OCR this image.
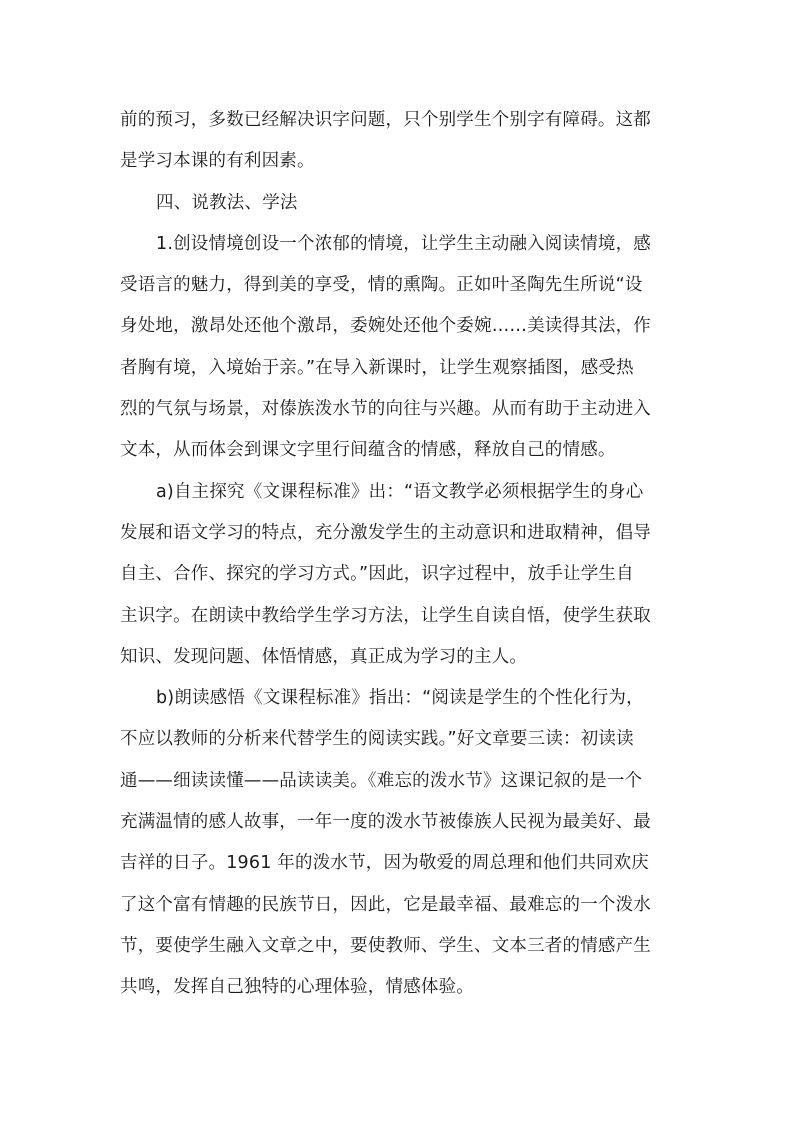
前的预习，多数已经解决识字问题，只个别学生个别字有障碍。这都
是学习本课的有利因素。
四、说教法、学法
1.创设情境创设一个浓郁的情境，让学生主动融入阅读情境，感
受语言的魅力，得到美的享受，情的熏陶。正如叶圣陶先生所说“设
身处地，激昂处还他个激昂，委婉处还他个委婉……美读得其法，作
者胸有境，入境始于亲。”在导入新课时，让学生观察插图，感受热
烈的气氛与场景，对傣族泼水节的向往与兴趣。从而有助于主动进入
文本，从而体会到课文字里行间蕴含的情感，释放自己的情感。
a)自主探究《文课程标准》出：“语文教学必须根据学生的身心
发展和语文学习的特点，充分激发学生的主动意识和进取精神，倡导
自主、合作、探究的学习方式。”因此，识字过程中，放手让学生自
主识字。在朗读中教给学生学习方法，让学生自读自悟，使学生获取
知识、发现问题、体悟情感，真正成为学习的主人。
b)朗读感悟《文课程标准》指出：“阅读是学生的个性化行为，
不应以教师的分析来代替学生的阅读实践。”好文章要三读：初读读
通——细读读懂——品读读美。《难忘的泼水节》这课记叙的是一个
充满温情的感人故事，一年一度的泼水节被傣族人民视为最美好、最
吉祥的日子。1961 年的泼水节，因为敬爱的周总理和他们共同欢庆
了这个富有情趣的民族节日，因此，它是最幸福、最难忘的一个泼水
节，要使学生融入文章之中，要使教师、学生、文本三者的情感产生
共鸣，发挥自己独特的心理体验，情感体验。
